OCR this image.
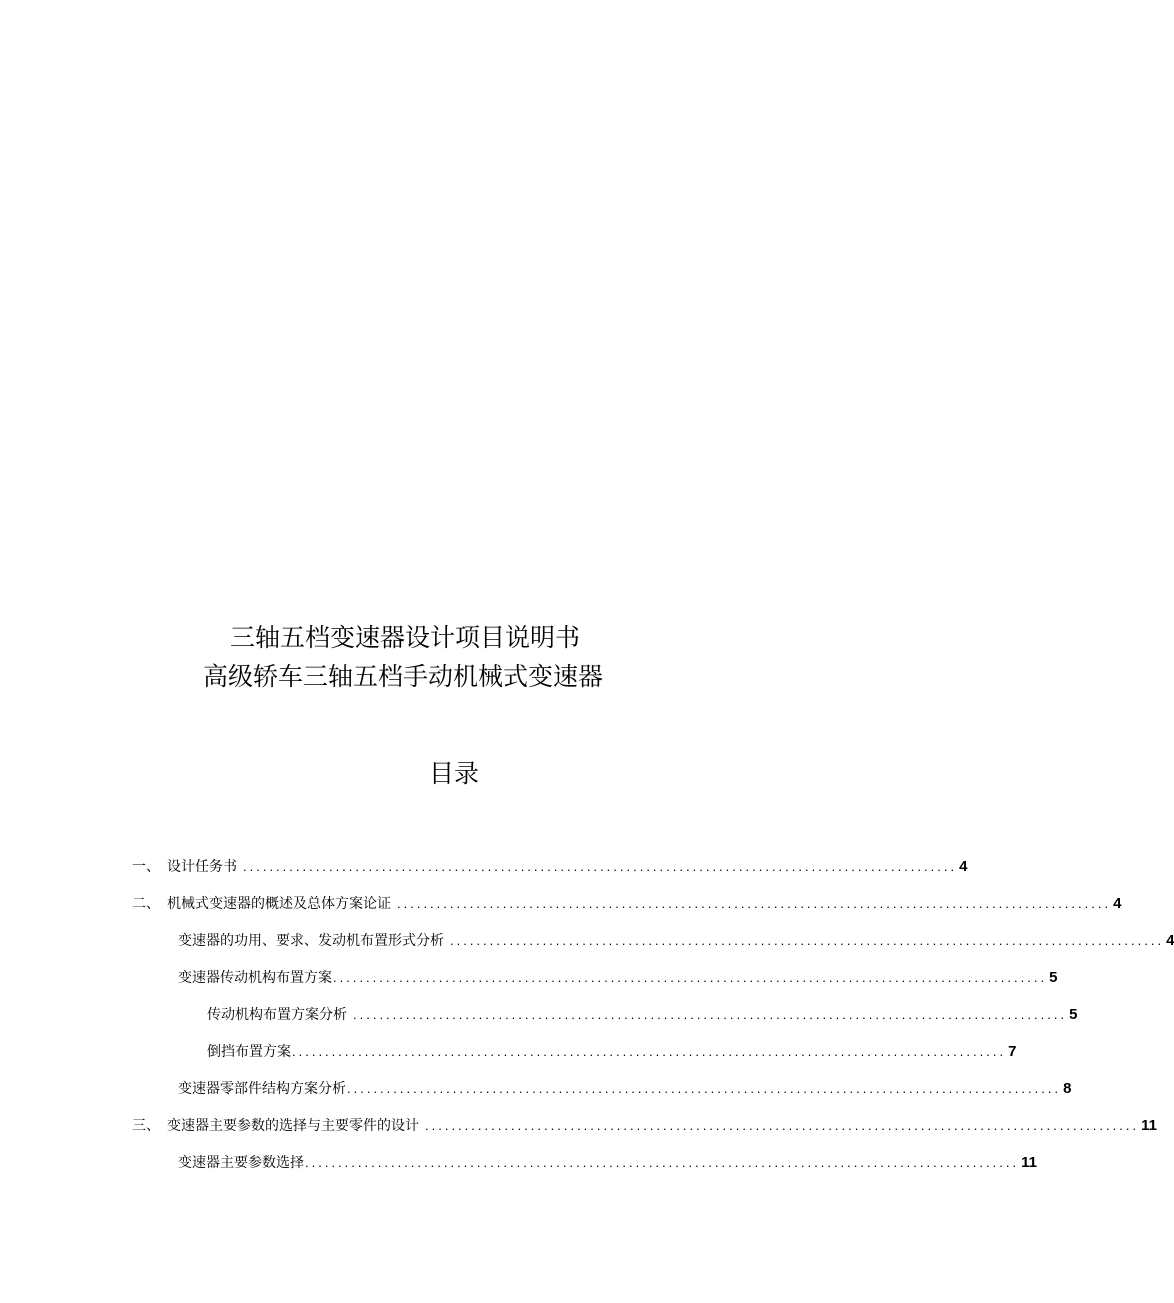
三轴五档变速器设计项目说明书
高级轿车三轴五档手动机械式变速器
目录
一、 设计任务书 ............................................................................................................ 4
二、 机械式变速器的概述及总体方案论证 ............................................................................................................ 4
变速器的功用、要求、发动机布置形式分析 ............................................................................................................ 4
变速器传动机构布置方案 ............................................................................................................ 5
传动机构布置方案分析 ............................................................................................................ 5
倒挡布置方案 ............................................................................................................ 7
变速器零部件结构方案分析 ............................................................................................................ 8
三、 变速器主要参数的选择与主要零件的设计 ............................................................................................................ 11
变速器主要参数选择 ............................................................................................................ 11
